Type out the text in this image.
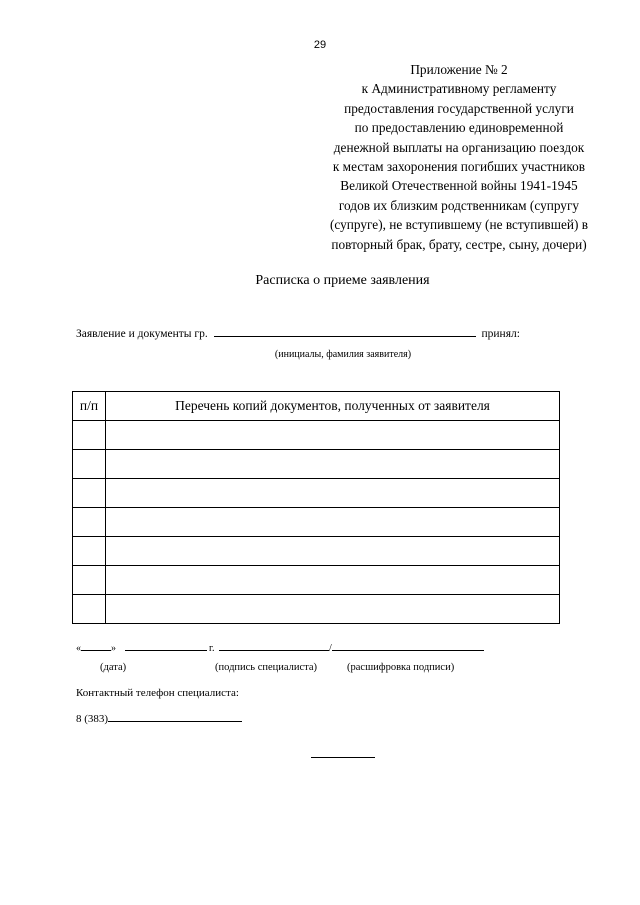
29
Приложение № 2
к Административному регламенту
предоставления государственной услуги
по предоставлению единовременной
денежной выплаты на организацию поездок
к местам захоронения погибших участников
Великой Отечественной войны 1941-1945
годов их близким родственникам (супругу
(супруге), не вступившему (не вступившей) в
повторный брак, брату, сестре, сыну, дочери)
Расписка о приеме заявления
Заявление и документы гр.	принял:
(инициалы, фамилия заявителя)
п/п	Перечень копий документов, полученных от заявителя

«	»	г.	/
(дата)	(подпись специалиста)	(расшифровка подписи)
Контактный телефон специалиста:
8 (383)
